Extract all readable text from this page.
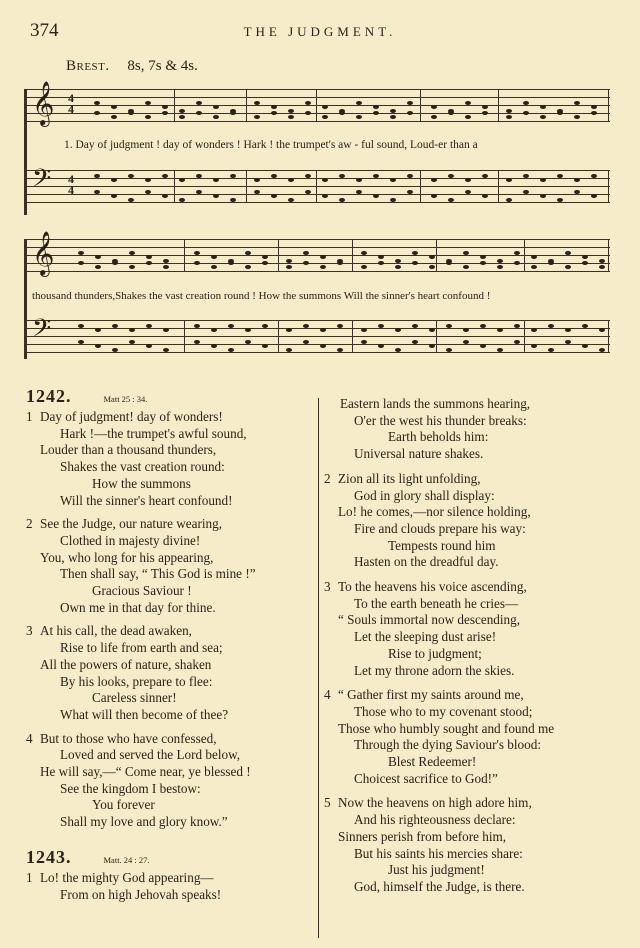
374	THE JUDGMENT.
Brest. 8s, 7s & 4s.
𝄞 4
4
1. Day of judgment ! day of wonders ! Hark ! the trumpet's aw - ful sound, Loud-er than a
𝄢 4
4
𝄞
thousand thunders,Shakes the vast creation round ! How the summons Will the sinner's heart confound !
𝄢
1242.	Matt 25 : 34.
1 Day of judgment! day of wonders!
Hark !—the trumpet's awful sound,
Louder than a thousand thunders,
Shakes the vast creation round:
How the summons
Will the sinner's heart confound!
2 See the Judge, our nature wearing,
Clothed in majesty divine!
You, who long for his appearing,
Then shall say, “ This God is mine !”
Gracious Saviour !
Own me in that day for thine.
3 At his call, the dead awaken,
Rise to life from earth and sea;
All the powers of nature, shaken
By his looks, prepare to flee:
Careless sinner!
What will then become of thee?
4 But to those who have confessed,
Loved and served the Lord below,
He will say,—“ Come near, ye blessed !
See the kingdom I bestow:
You forever
Shall my love and glory know.”
1243.	Matt. 24 : 27.
1 Lo! the mighty God appearing—
From on high Jehovah speaks!
Eastern lands the summons hearing,
O'er the west his thunder breaks:
Earth beholds him:
Universal nature shakes.
2 Zion all its light unfolding,
God in glory shall display:
Lo! he comes,—nor silence holding,
Fire and clouds prepare his way:
Tempests round him
Hasten on the dreadful day.
3 To the heavens his voice ascending,
To the earth beneath he cries—
“ Souls immortal now descending,
Let the sleeping dust arise!
Rise to judgment;
Let my throne adorn the skies.
4 “ Gather first my saints around me,
Those who to my covenant stood;
Those who humbly sought and found me
Through the dying Saviour's blood:
Blest Redeemer!
Choicest sacrifice to God!”
5 Now the heavens on high adore him,
And his righteousness declare:
Sinners perish from before him,
But his saints his mercies share:
Just his judgment!
God, himself the Judge, is there.
